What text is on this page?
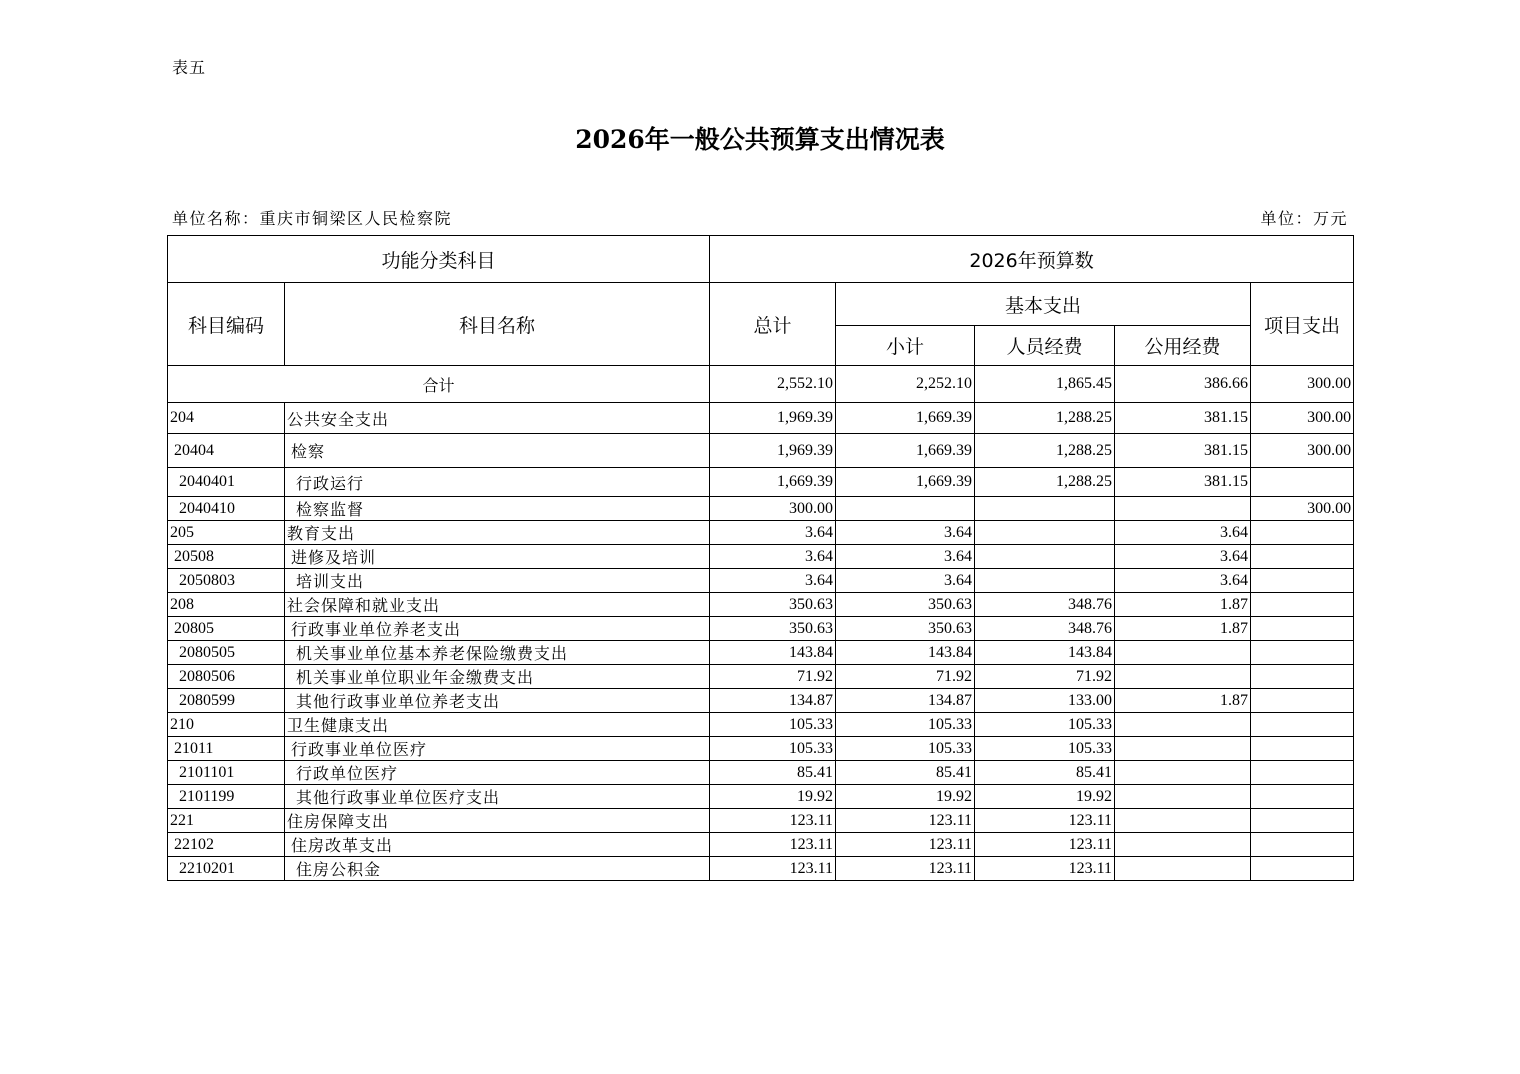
表五
2026年一般公共预算支出情况表
单位名称：重庆市铜梁区人民检察院	单位：万元
功能分类科目		2026年预算数				
科目编码	科目名称	总计	基本支出			项目支出
			小计	人员经费	公用经费	
合计		2,552.10	2,252.10	1,865.45	386.66	300.00
204	公共安全支出	1,969.39	1,669.39	1,288.25	381.15	300.00
20404	检察	1,969.39	1,669.39	1,288.25	381.15	300.00
2040401	行政运行	1,669.39	1,669.39	1,288.25	381.15	
2040410	检察监督	300.00				300.00
205	教育支出	3.64	3.64		3.64	
20508	进修及培训	3.64	3.64		3.64	
2050803	培训支出	3.64	3.64		3.64	
208	社会保障和就业支出	350.63	350.63	348.76	1.87	
20805	行政事业单位养老支出	350.63	350.63	348.76	1.87	
2080505	机关事业单位基本养老保险缴费支出	143.84	143.84	143.84		
2080506	机关事业单位职业年金缴费支出	71.92	71.92	71.92		
2080599	其他行政事业单位养老支出	134.87	134.87	133.00	1.87	
210	卫生健康支出	105.33	105.33	105.33		
21011	行政事业单位医疗	105.33	105.33	105.33		
2101101	行政单位医疗	85.41	85.41	85.41		
2101199	其他行政事业单位医疗支出	19.92	19.92	19.92		
221	住房保障支出	123.11	123.11	123.11		
22102	住房改革支出	123.11	123.11	123.11		
2210201	住房公积金	123.11	123.11	123.11		
